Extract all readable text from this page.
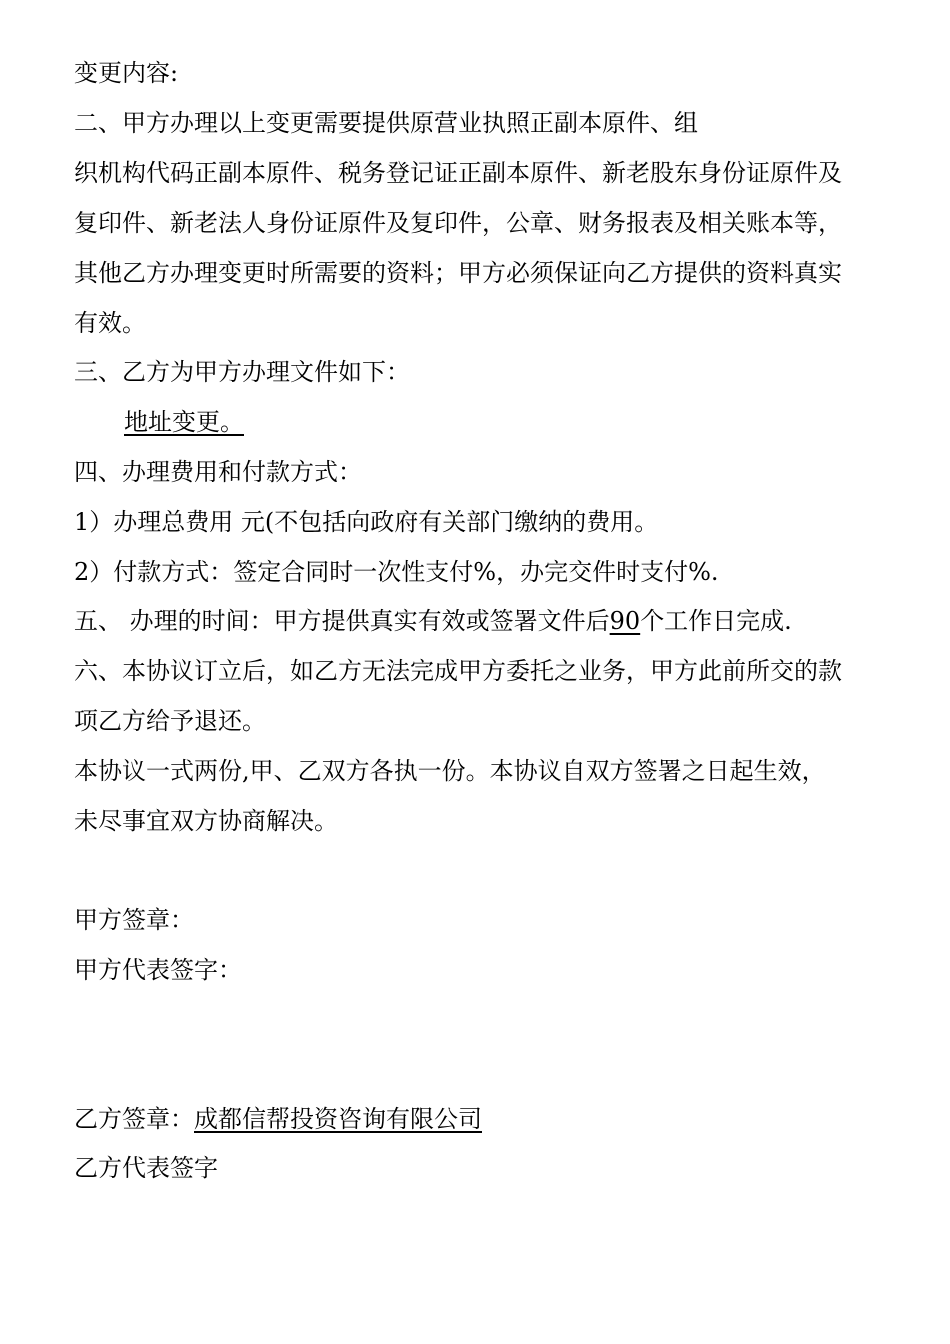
变更内容:
二、甲方办理以上变更需要提供原营业执照正副本原件、组
织机构代码正副本原件、税务登记证正副本原件、新老股东身份证原件及
复印件、新老法人身份证原件及复印件，公章、财务报表及相关账本等，
其他乙方办理变更时所需要的资料；甲方必须保证向乙方提供的资料真实
有效。
三、乙方为甲方办理文件如下：
地址变更。
四、办理费用和付款方式：
1）办理总费用 元(不包括向政府有关部门缴纳的费用。
2）付款方式：签定合同时一次性支付%，办完交件时支付%.
五、 办理的时间：甲方提供真实有效或签署文件后90个工作日完成.
六、本协议订立后，如乙方无法完成甲方委托之业务，甲方此前所交的款
项乙方给予退还。
本协议一式两份,甲、乙双方各执一份。本协议自双方签署之日起生效，
未尽事宜双方协商解决。
甲方签章：
甲方代表签字：
乙方签章：成都信帮投资咨询有限公司
乙方代表签字
